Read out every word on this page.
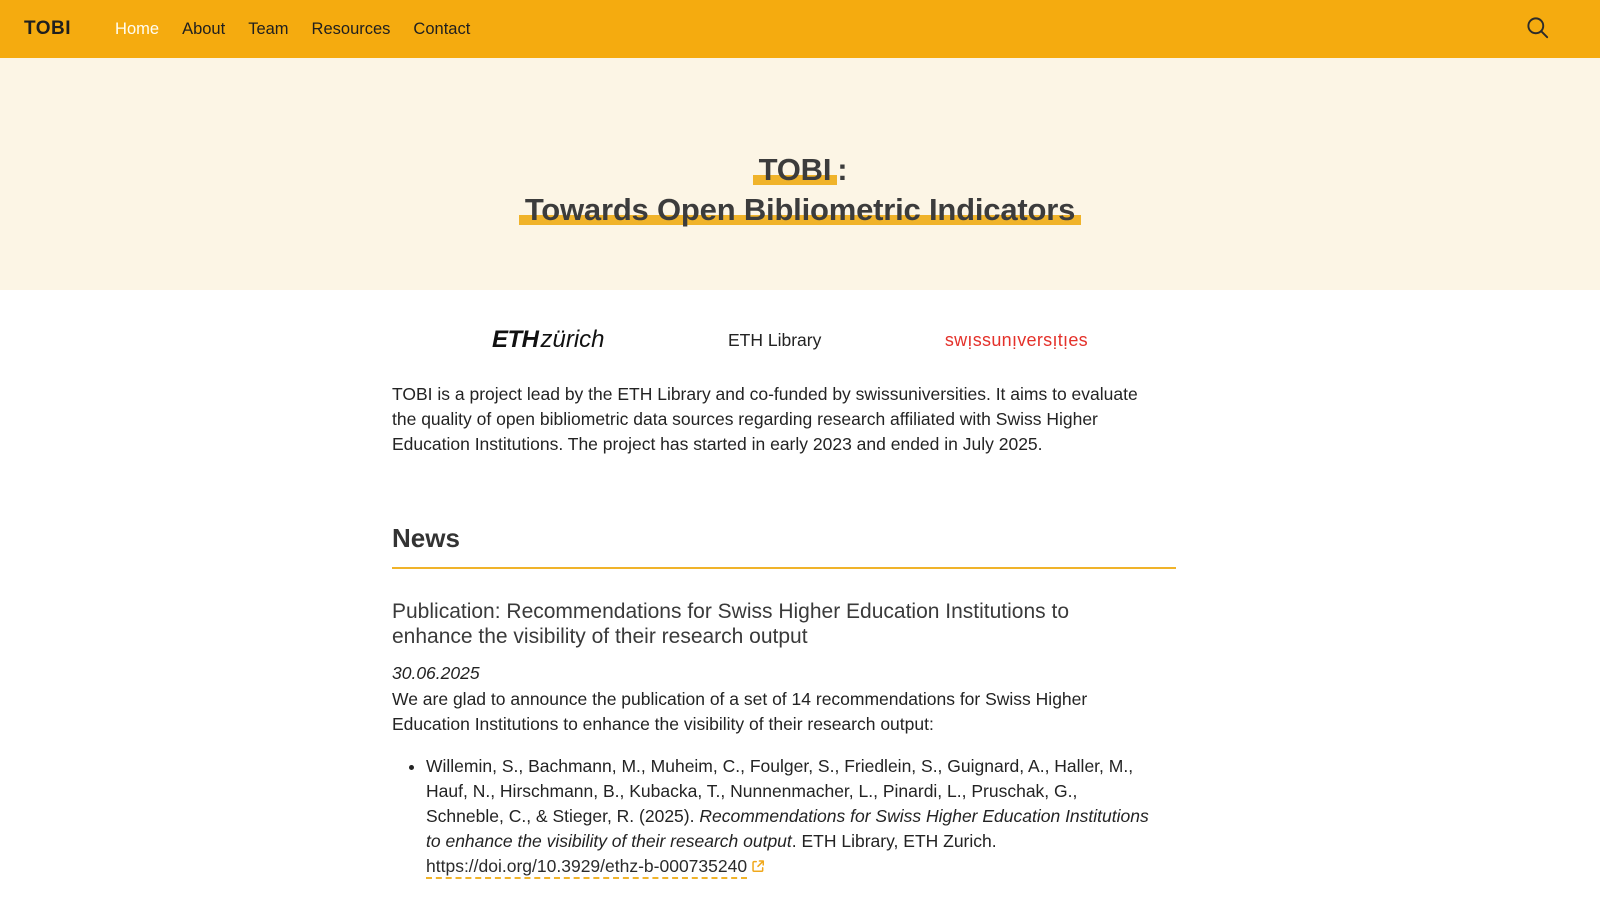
TOBI	Home About Team Resources Contact
TOBI :
Towards Open Bibliometric Indicators
ETHzürich	ETH Library	swı̣ssunı̣versı̣tı̣es

TOBI is a project lead by the ETH Library and co-funded by swissuniversities. It aims to evaluate the quality of open bibliometric data sources regarding research affiliated with Swiss Higher Education Institutions. The project has started in early 2023 and ended in July 2025.

News
Publication: Recommendations for Swiss Higher Education Institutions to enhance the visibility of their research output

30.06.2025

We are glad to announce the publication of a set of 14 recommendations for Swiss Higher Education Institutions to enhance the visibility of their research output:

• Willemin, S., Bachmann, M., Muheim, C., Foulger, S., Friedlein, S., Guignard, A., Haller, M., Hauf, N., Hirschmann, B., Kubacka, T., Nunnenmacher, L., Pinardi, L., Pruschak, G., Schneble, C., & Stieger, R. (2025). Recommendations for Swiss Higher Education Institutions to enhance the visibility of their research output. ETH Library, ETH Zurich. https://doi.org/10.3929/ethz-b-000735240
